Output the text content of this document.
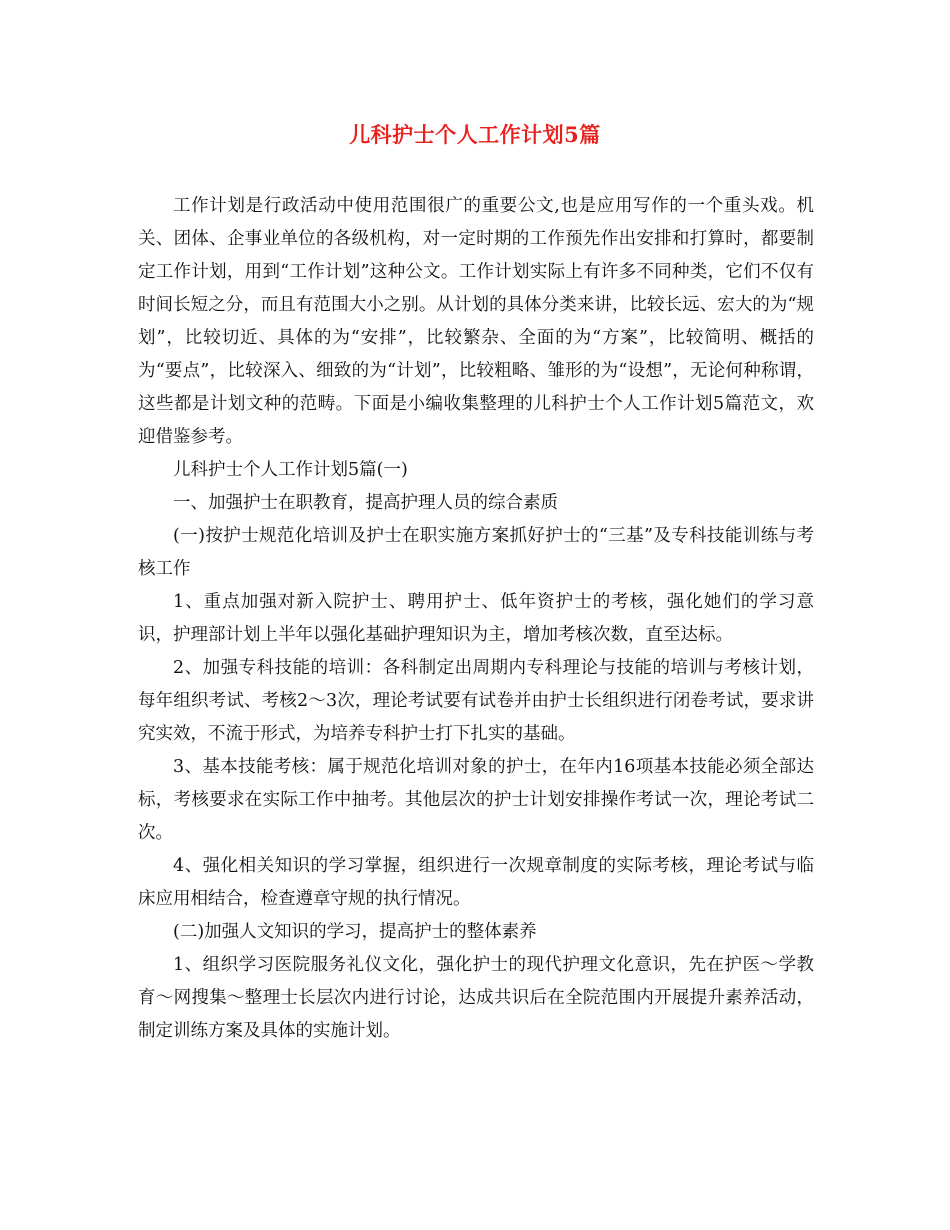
儿科护士个人工作计划5篇

工作计划是行政活动中使用范围很广的重要公文,也是应用写作的一个重头戏。机关、团体、企事业单位的各级机构，对一定时期的工作预先作出安排和打算时，都要制定工作计划，用到“工作计划”这种公文。工作计划实际上有许多不同种类，它们不仅有时间长短之分，而且有范围大小之别。从计划的具体分类来讲，比较长远、宏大的为“规划”，比较切近、具体的为“安排”，比较繁杂、全面的为“方案”，比较简明、概括的为“要点”，比较深入、细致的为“计划”，比较粗略、雏形的为“设想”，无论何种称谓，这些都是计划文种的范畴。下面是小编收集整理的儿科护士个人工作计划5篇范文，欢迎借鉴参考。

儿科护士个人工作计划5篇(一)

一、加强护士在职教育，提高护理人员的综合素质

(一)按护士规范化培训及护士在职实施方案抓好护士的“三基”及专科技能训练与考核工作

1、重点加强对新入院护士、聘用护士、低年资护士的考核，强化她们的学习意识，护理部计划上半年以强化基础护理知识为主，增加考核次数，直至达标。

2、加强专科技能的培训：各科制定出周期内专科理论与技能的培训与考核计划，每年组织考试、考核2～3次，理论考试要有试卷并由护士长组织进行闭卷考试，要求讲究实效，不流于形式，为培养专科护士打下扎实的基础。

3、基本技能考核：属于规范化培训对象的护士，在年内16项基本技能必须全部达标，考核要求在实际工作中抽考。其他层次的护士计划安排操作考试一次，理论考试二次。

4、强化相关知识的学习掌握，组织进行一次规章制度的实际考核，理论考试与临床应用相结合，检查遵章守规的执行情况。

(二)加强人文知识的学习，提高护士的整体素养

1、组织学习医院服务礼仪文化，强化护士的现代护理文化意识，先在护医～学教育～网搜集～整理士长层次内进行讨论，达成共识后在全院范围内开展提升素养活动，制定训练方案及具体的实施计划。
